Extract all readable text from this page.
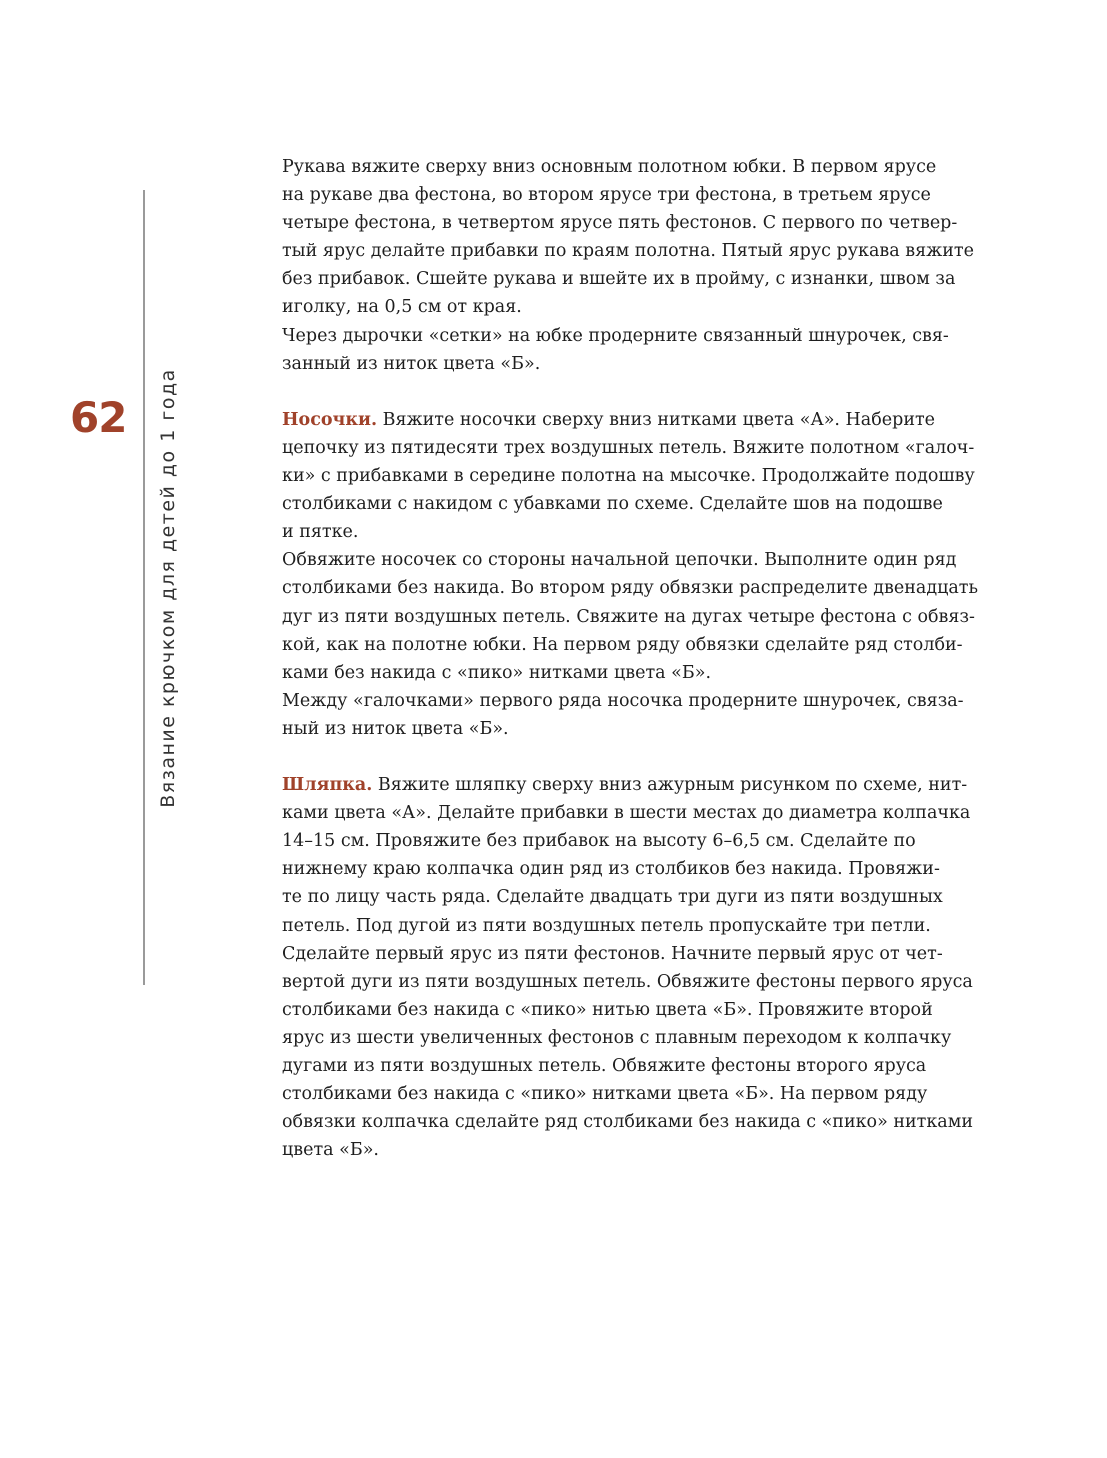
62 Вязание крючком для детей до 1 года

Рукава вяжите сверху вниз основным полотном юбки. В первом ярусе
на рукаве два фестона, во втором ярусе три фестона, в третьем ярусе
четыре фестона, в четвертом ярусе пять фестонов. С первого по четвер-
тый ярус делайте прибавки по краям полотна. Пятый ярус рукава вяжите
без прибавок. Сшейте рукава и вшейте их в пройму, с изнанки, швом за
иголку, на 0,5 см от края.
Через дырочки «сетки» на юбке продерните связанный шнурочек, свя-
занный из ниток цвета «Б».

Носочки. Вяжите носочки сверху вниз нитками цвета «А». Наберите
цепочку из пятидесяти трех воздушных петель. Вяжите полотном «галоч-
ки» с прибавками в середине полотна на мысочке. Продолжайте подошву
столбиками с накидом с убавками по схеме. Сделайте шов на подошве
и пятке.
Обвяжите носочек со стороны начальной цепочки. Выполните один ряд
столбиками без накида. Во втором ряду обвязки распределите двенадцать
дуг из пяти воздушных петель. Свяжите на дугах четыре фестона с обвяз-
кой, как на полотне юбки. На первом ряду обвязки сделайте ряд столби-
ками без накида с «пико» нитками цвета «Б».
Между «галочками» первого ряда носочка продерните шнурочек, связа-
ный из ниток цвета «Б».

Шляпка. Вяжите шляпку сверху вниз ажурным рисунком по схеме, нит-
ками цвета «А». Делайте прибавки в шести местах до диаметра колпачка
14–15 см. Провяжите без прибавок на высоту 6–6,5 см. Сделайте по
нижнему краю колпачка один ряд из столбиков без накида. Провяжи-
те по лицу часть ряда. Сделайте двадцать три дуги из пяти воздушных
петель. Под дугой из пяти воздушных петель пропускайте три петли.
Сделайте первый ярус из пяти фестонов. Начните первый ярус от чет-
вертой дуги из пяти воздушных петель. Обвяжите фестоны первого яруса
столбиками без накида с «пико» нитью цвета «Б». Провяжите второй
ярус из шести увеличенных фестонов с плавным переходом к колпачку
дугами из пяти воздушных петель. Обвяжите фестоны второго яруса
столбиками без накида с «пико» нитками цвета «Б». На первом ряду
обвязки колпачка сделайте ряд столбиками без накида с «пико» нитками
цвета «Б».
